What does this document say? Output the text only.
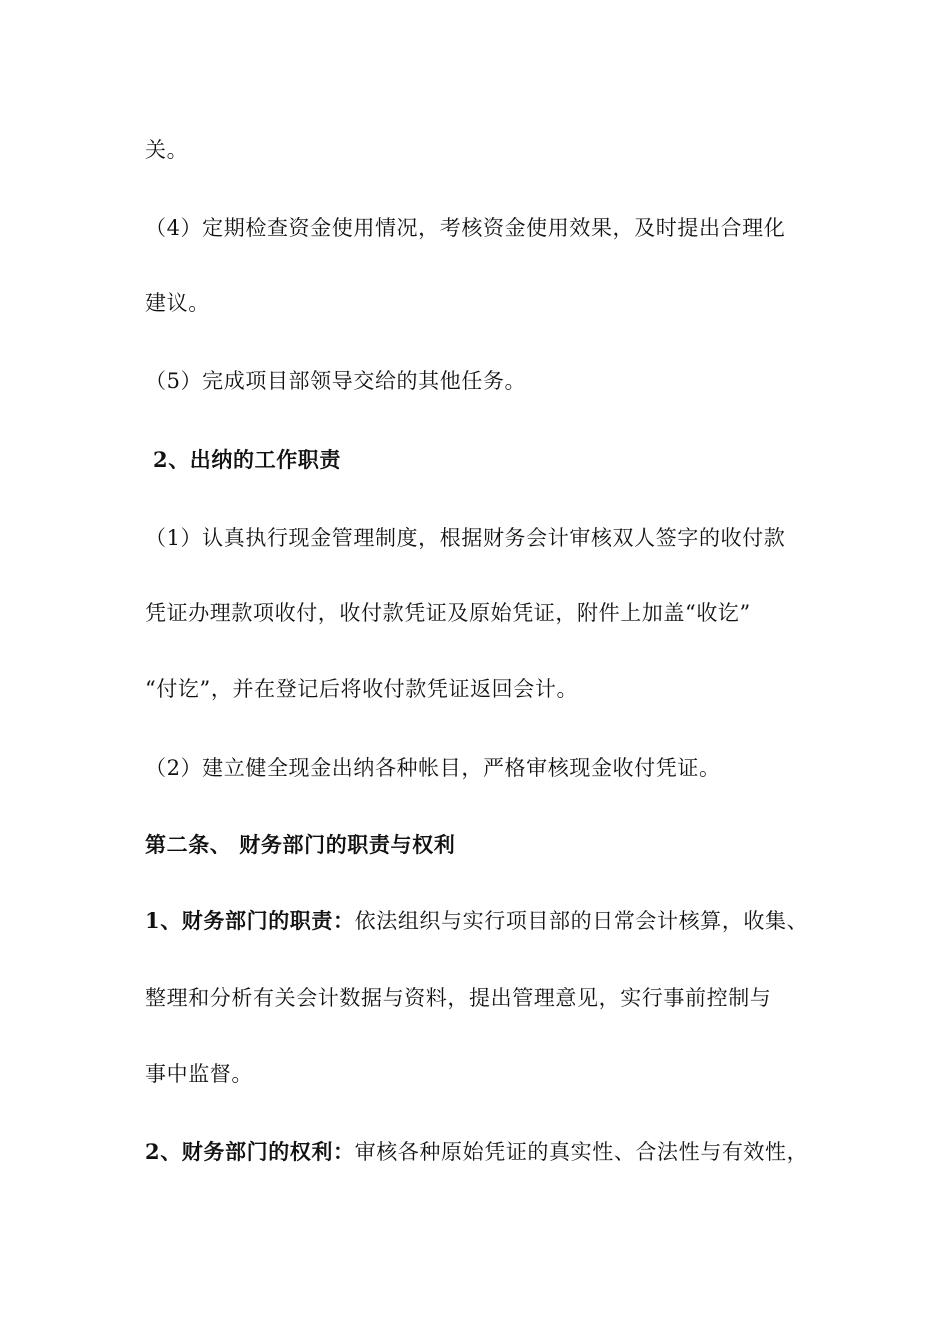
关。
（4）定期检查资金使用情况，考核资金使用效果，及时提出合理化
建议。
（5）完成项目部领导交给的其他任务。
2、出纳的工作职责
（1）认真执行现金管理制度，根据财务会计审核双人签字的收付款
凭证办理款项收付，收付款凭证及原始凭证，附件上加盖“收讫”
“付讫”，并在登记后将收付款凭证返回会计。
（2）建立健全现金出纳各种帐目，严格审核现金收付凭证。
第二条、 财务部门的职责与权利
1、财务部门的职责：依法组织与实行项目部的日常会计核算，收集、
整理和分析有关会计数据与资料，提出管理意见，实行事前控制与
事中监督。
2、财务部门的权利：审核各种原始凭证的真实性、合法性与有效性，
